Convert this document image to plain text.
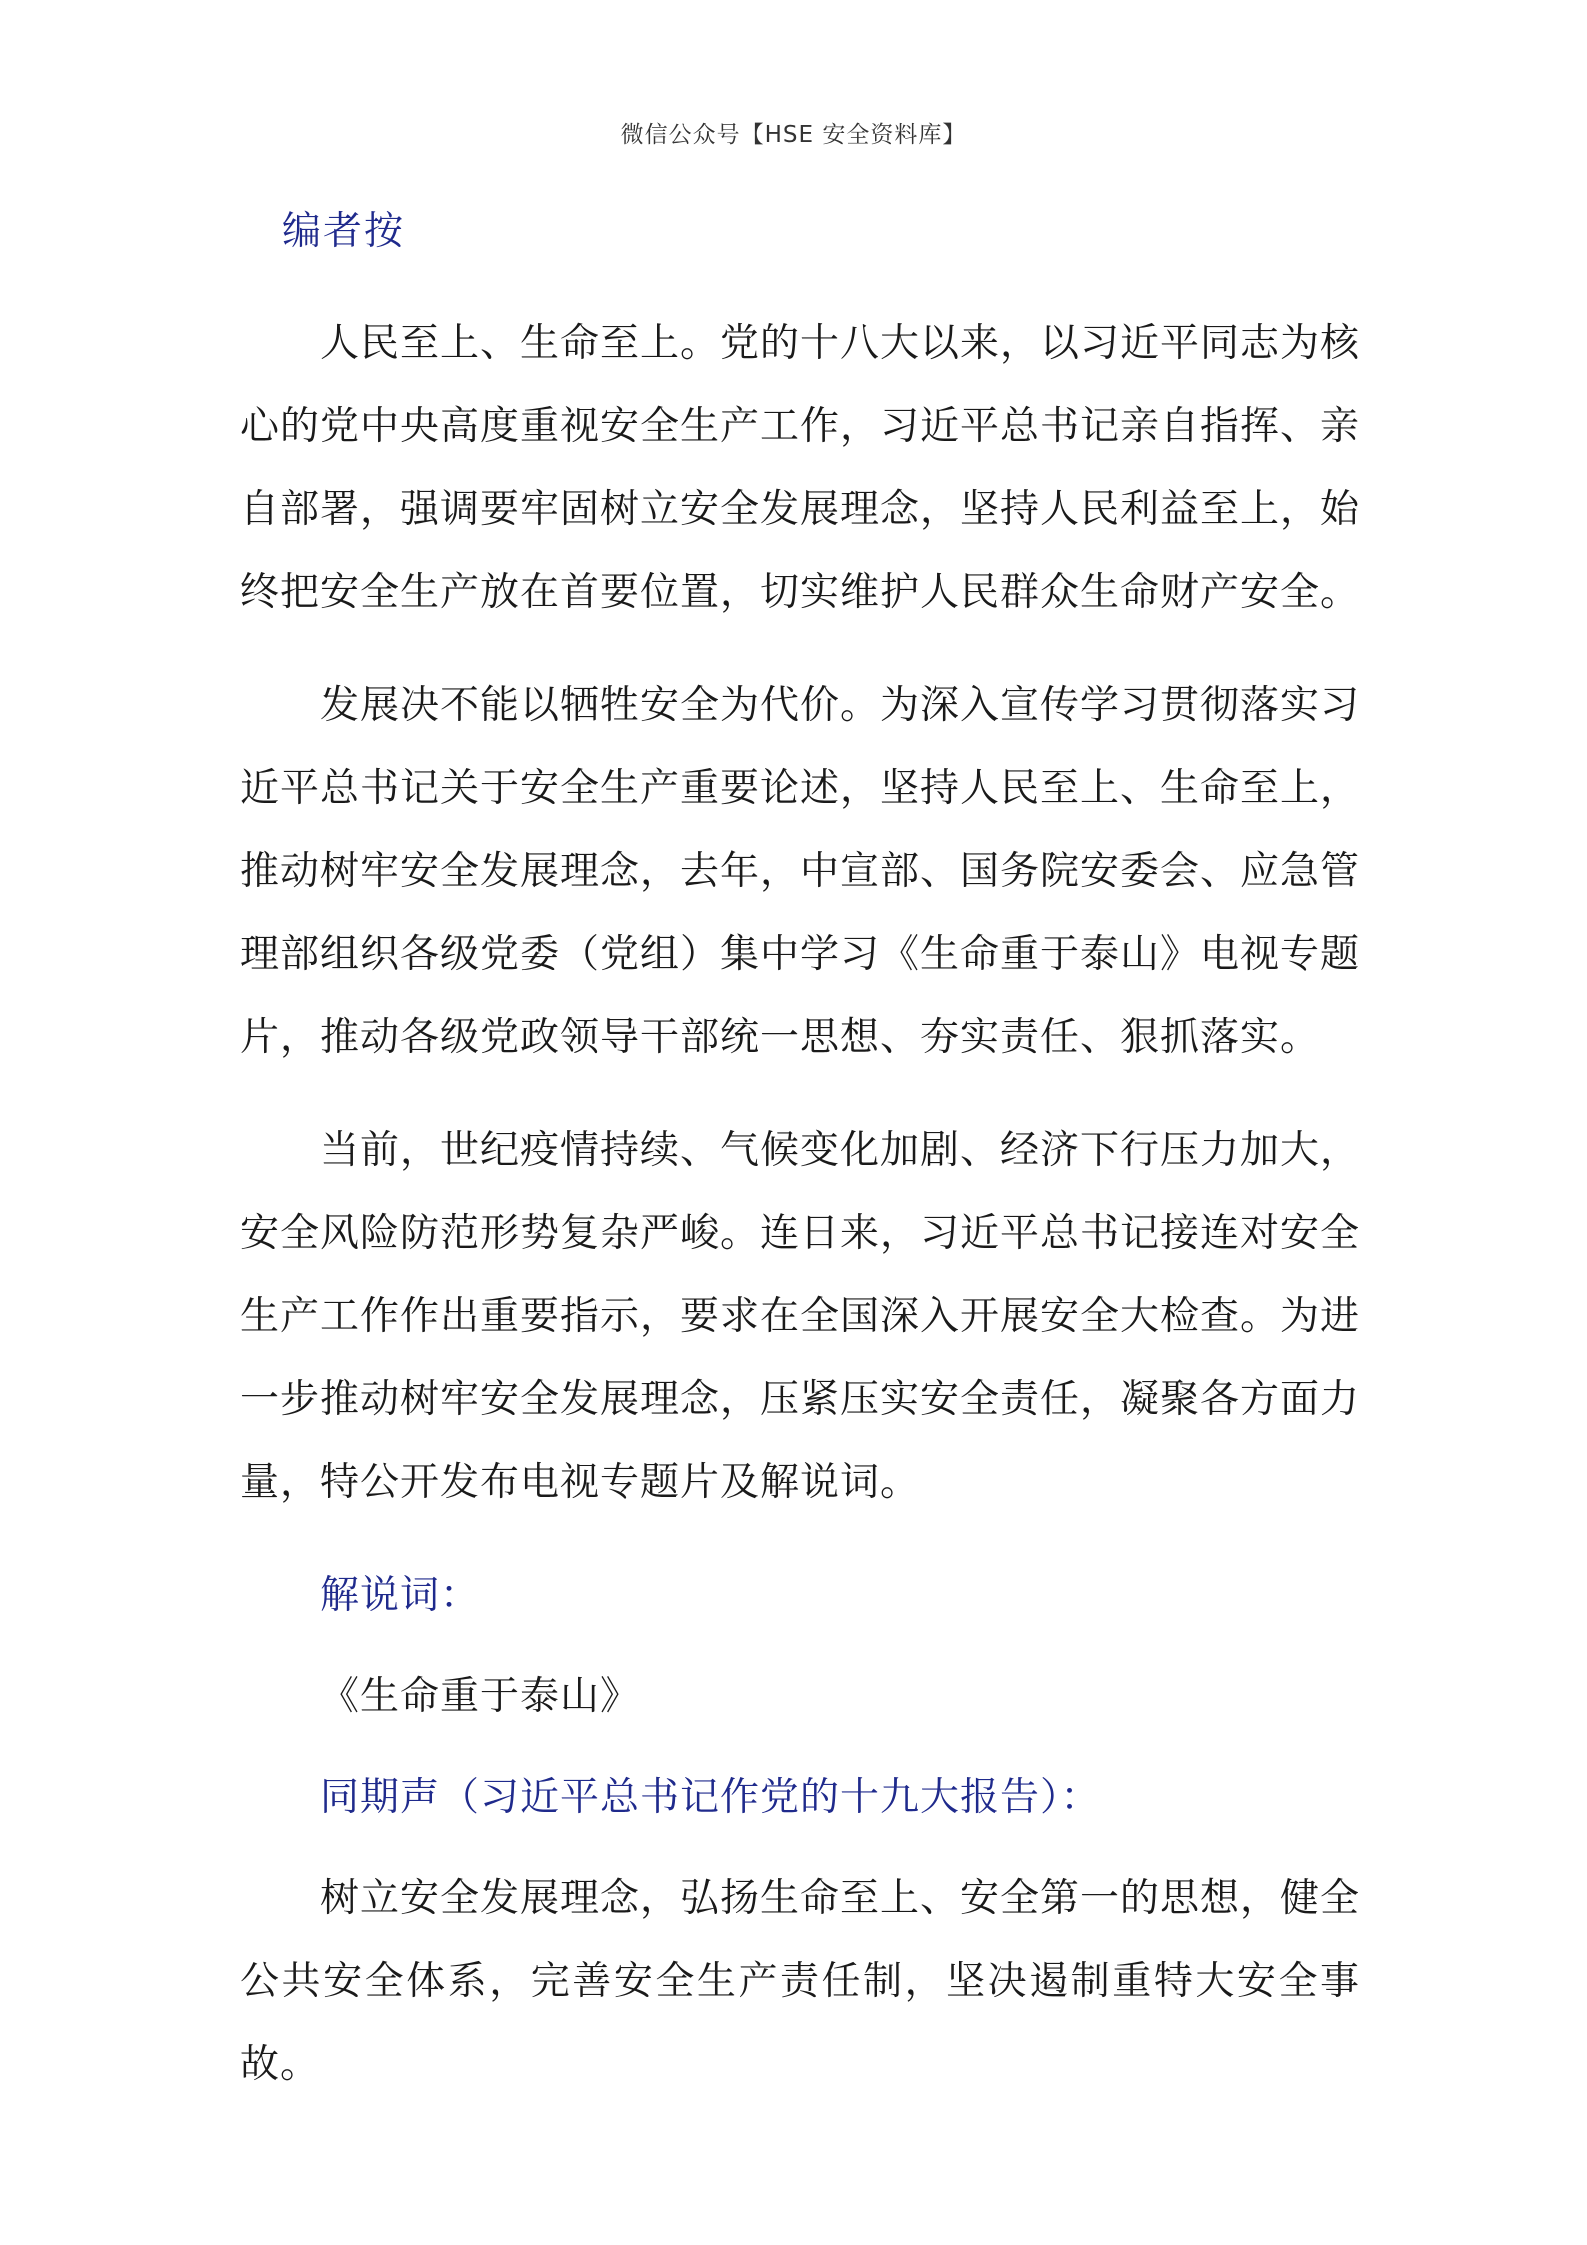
微信公众号【HSE 安全资料库】
编者按

人民至上、生命至上。党的十八大以来，以习近平同志为核心的党中央高度重视安全生产工作，习近平总书记亲自指挥、亲自部署，强调要牢固树立安全发展理念，坚持人民利益至上，始终把安全生产放在首要位置，切实维护人民群众生命财产安全。

发展决不能以牺牲安全为代价。为深入宣传学习贯彻落实习近平总书记关于安全生产重要论述，坚持人民至上、生命至上，推动树牢安全发展理念，去年，中宣部、国务院安委会、应急管理部组织各级党委（党组）集中学习《生命重于泰山》电视专题片，推动各级党政领导干部统一思想、夯实责任、狠抓落实。

当前，世纪疫情持续、气候变化加剧、经济下行压力加大，安全风险防范形势复杂严峻。连日来，习近平总书记接连对安全生产工作作出重要指示，要求在全国深入开展安全大检查。为进一步推动树牢安全发展理念，压紧压实安全责任，凝聚各方面力量，特公开发布电视专题片及解说词。

解说词：
《生命重于泰山》
同期声（习近平总书记作党的十九大报告）：

树立安全发展理念，弘扬生命至上、安全第一的思想，健全公共安全体系，完善安全生产责任制，坚决遏制重特大安全事故。
